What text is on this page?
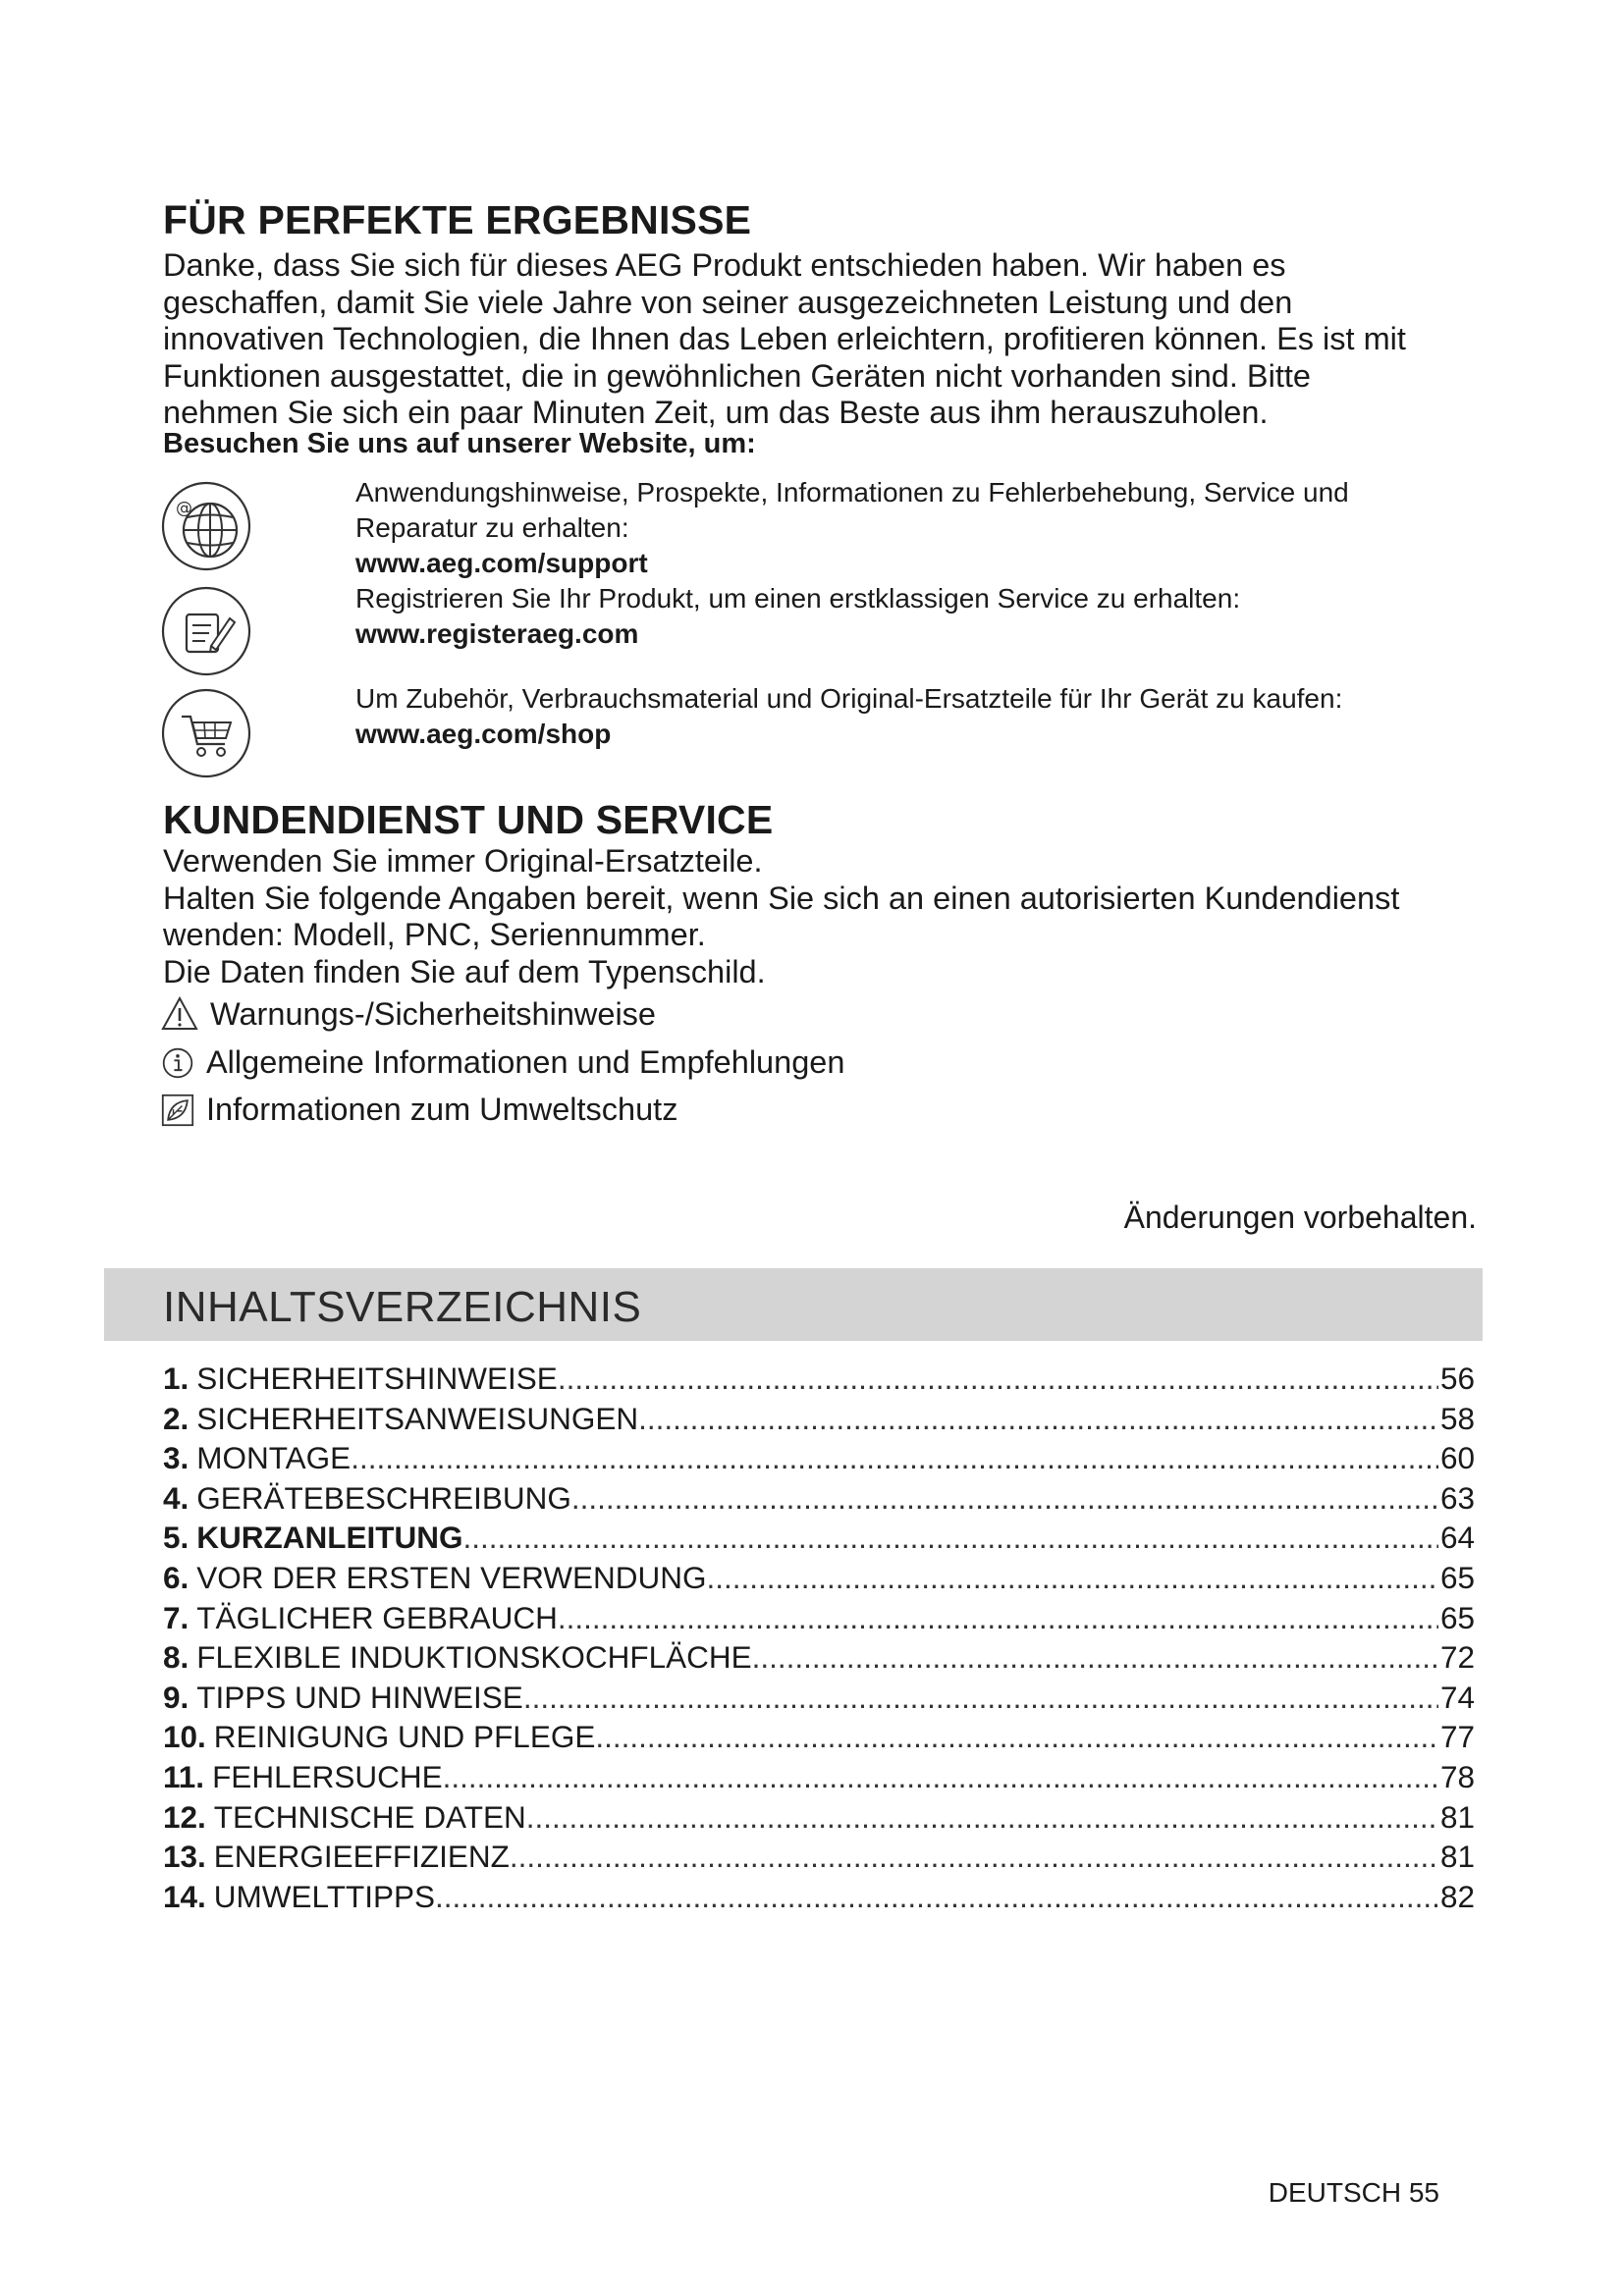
FÜR PERFEKTE ERGEBNISSE
Danke, dass Sie sich für dieses AEG Produkt entschieden haben. Wir haben es
geschaffen, damit Sie viele Jahre von seiner ausgezeichneten Leistung und den
innovativen Technologien, die Ihnen das Leben erleichtern, profitieren können. Es ist mit
Funktionen ausgestattet, die in gewöhnlichen Geräten nicht vorhanden sind. Bitte
nehmen Sie sich ein paar Minuten Zeit, um das Beste aus ihm herauszuholen.
Besuchen Sie uns auf unserer Website, um:
@
Anwendungshinweise, Prospekte, Informationen zu Fehlerbehebung, Service und
Reparatur zu erhalten:
www.aeg.com/support
Registrieren Sie Ihr Produkt, um einen erstklassigen Service zu erhalten:
www.registeraeg.com
Um Zubehör, Verbrauchsmaterial und Original-Ersatzteile für Ihr Gerät zu kaufen:
www.aeg.com/shop
KUNDENDIENST UND SERVICE
Verwenden Sie immer Original-Ersatzteile.
Halten Sie folgende Angaben bereit, wenn Sie sich an einen autorisierten Kundendienst
wenden: Modell, PNC, Seriennummer.
Die Daten finden Sie auf dem Typenschild.
Warnungs-/Sicherheitshinweise
Allgemeine Informationen und Empfehlungen
Informationen zum Umweltschutz
Änderungen vorbehalten.
INHALTSVERZEICHNIS
1. SICHERHEITSHINWEISE .....	56
2. SICHERHEITSANWEISUNGEN .....	58
3. MONTAGE .....	60
4. GERÄTEBESCHREIBUNG .....	63
5. KURZANLEITUNG .....	64
6. VOR DER ERSTEN VERWENDUNG .....	65
7. TÄGLICHER GEBRAUCH .....	65
8. FLEXIBLE INDUKTIONSKOCHFLÄCHE .....	72
9. TIPPS UND HINWEISE .....	74
10. REINIGUNG UND PFLEGE .....	77
11. FEHLERSUCHE .....	78
12. TECHNISCHE DATEN .....	81
13. ENERGIEEFFIZIENZ .....	81
14. UMWELTTIPPS .....	82
DEUTSCH 55
